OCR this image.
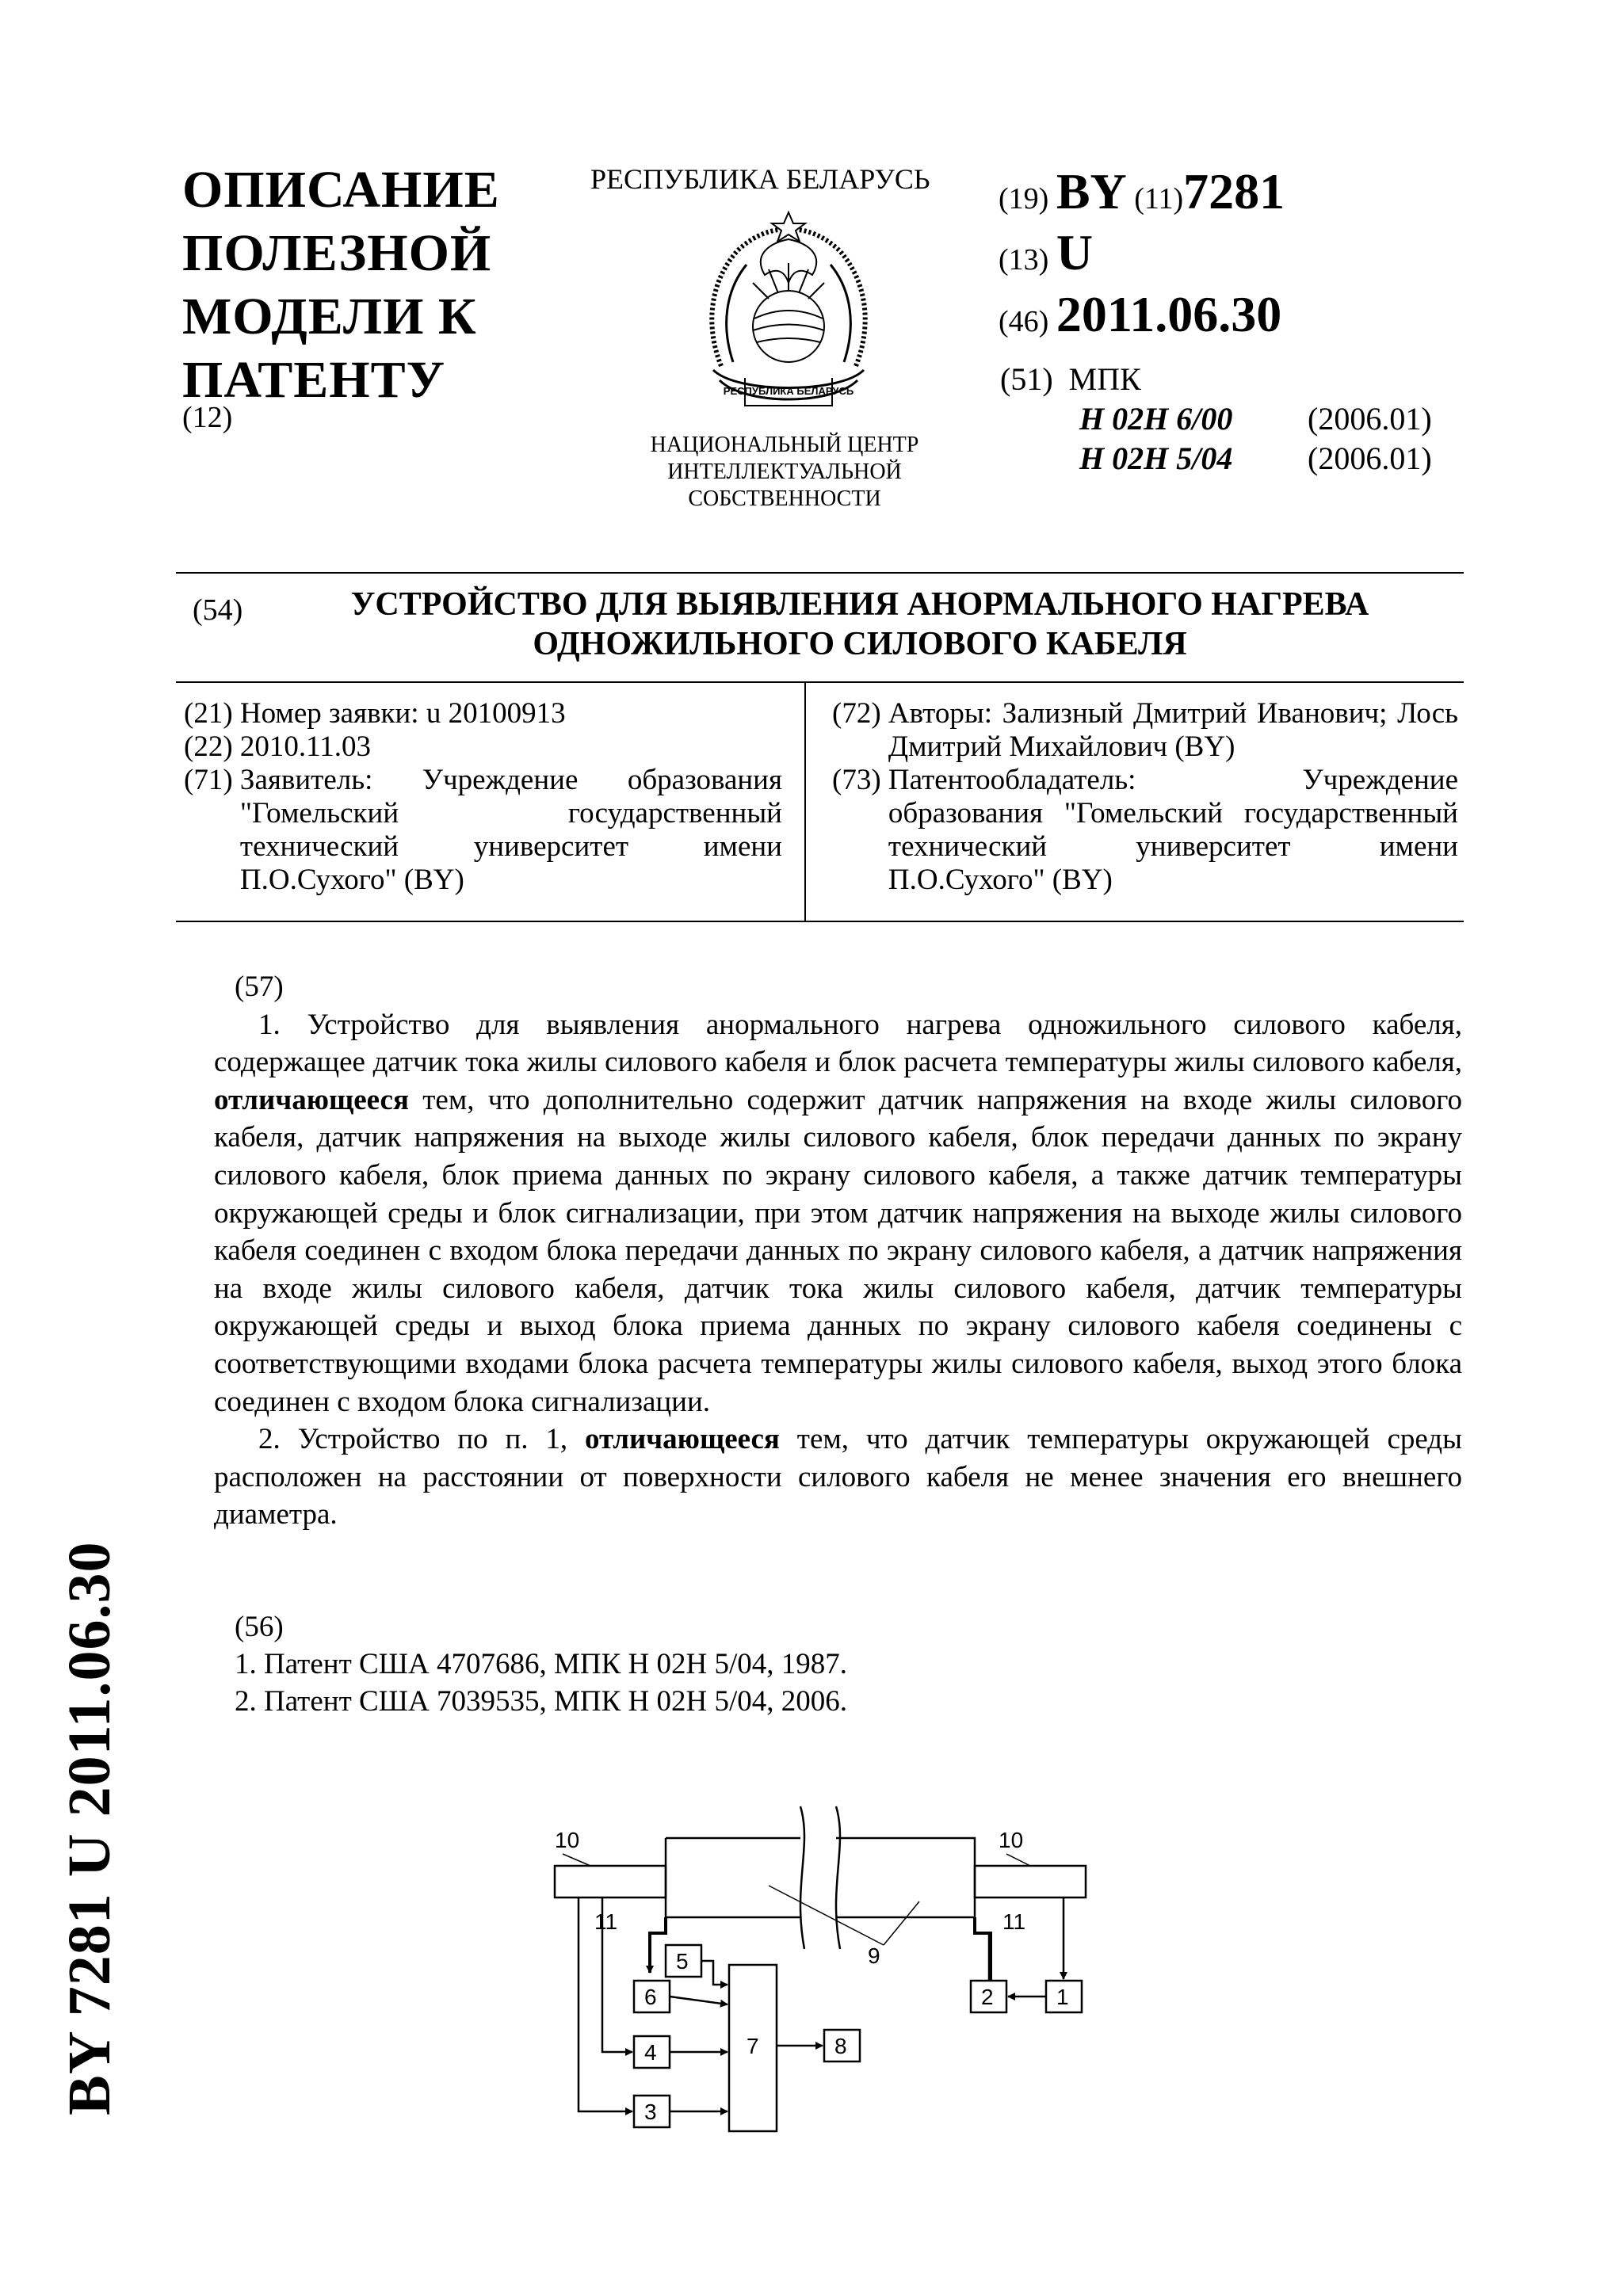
ОПИСАНИЕ
ПОЛЕЗНОЙ
МОДЕЛИ К
ПАТЕНТУ
(12)
РЕСПУБЛИКА БЕЛАРУСЬ
РЕСПУБЛИКА БЕЛАРУСЬ
НАЦИОНАЛЬНЫЙ ЦЕНТР
ИНТЕЛЛЕКТУАЛЬНОЙ
СОБСТВЕННОСТИ
(19) BY (11)7281
(13) U
(46) 2011.06.30
(51) МПК
H 02H 6/00 (2006.01)
H 02H 5/04 (2006.01)
(54)	УСТРОЙСТВО ДЛЯ ВЫЯВЛЕНИЯ АНОРМАЛЬНОГО НАГРЕВА
ОДНОЖИЛЬНОГО СИЛОВОГО КАБЕЛЯ
(21) Номер заявки: u 20100913
(22) 2010.11.03
(71) Заявитель: Учреждение образования "Гомельский государственный технический университет имени П.О.Сухого" (BY)
(72) Авторы: Зализный Дмитрий Иванович; Лось Дмитрий Михайлович (BY)
(73) Патентообладатель: Учреждение образования "Гомельский государственный технический университет имени П.О.Сухого" (BY)

(57)

1. Устройство для выявления анормального нагрева одножильного силового кабеля, содержащее датчик тока жилы силового кабеля и блок расчета температуры жилы силового кабеля, отличающееся тем, что дополнительно содержит датчик напряжения на входе жилы силового кабеля, датчик напряжения на выходе жилы силового кабеля, блок передачи данных по экрану силового кабеля, блок приема данных по экрану силового кабеля, а также датчик температуры окружающей среды и блок сигнализации, при этом датчик напряжения на выходе жилы силового кабеля соединен с входом блока передачи данных по экрану силового кабеля, а датчик напряжения на входе жилы силового кабеля, датчик тока жилы силового кабеля, датчик температуры окружающей среды и выход блока приема данных по экрану силового кабеля соединены с соответствующими входами блока расчета температуры жилы силового кабеля, выход этого блока соединен с входом блока сигнализации.

2. Устройство по п. 1, отличающееся тем, что датчик температуры окружающей среды расположен на расстоянии от поверхности силового кабеля не менее значения его внешнего диаметра.

(56)

1. Патент США 4707686, МПК H 02H 5/04, 1987.

2. Патент США 7039535, МПК H 02H 5/04, 2006.

BY 7281 U 2011.06.30	10	10
11	11
9
1
2
3
4
5
6
7	8
